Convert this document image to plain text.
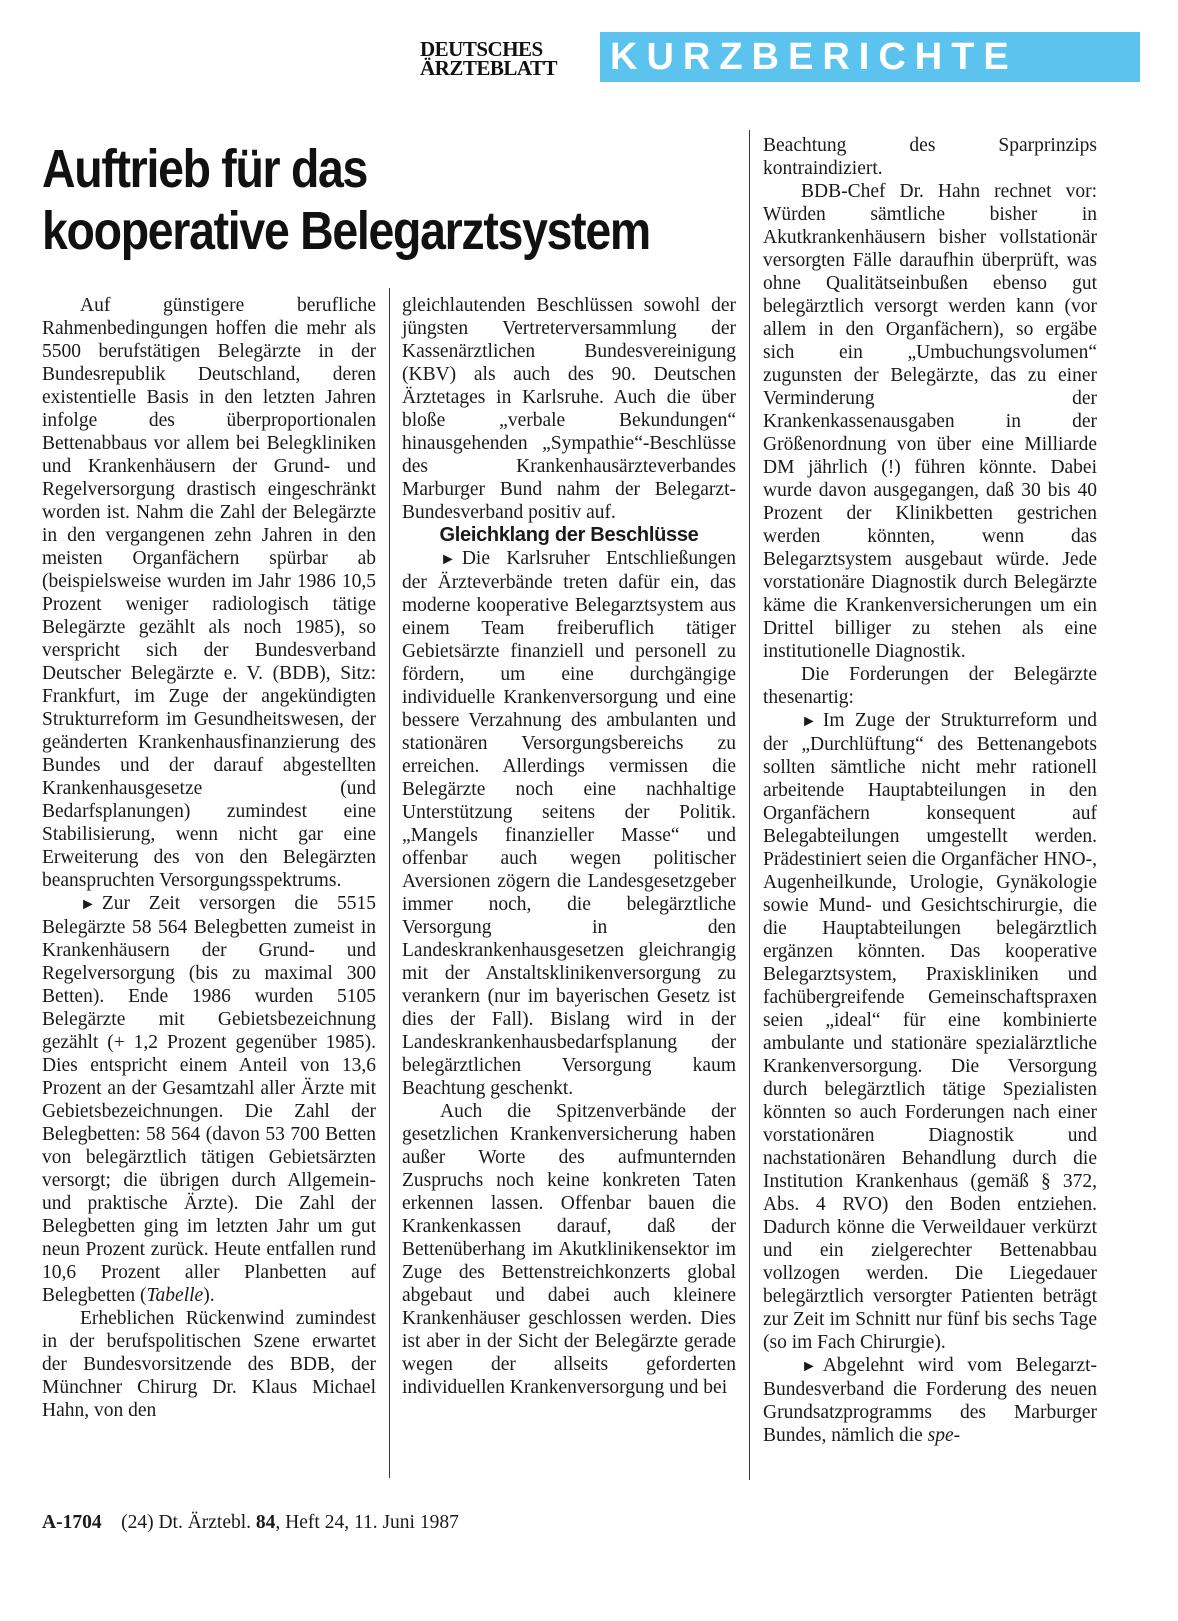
DEUTSCHES
ÄRZTEBLATT	KURZBERICHTE
Auftrieb für das
kooperative Belegarztsystem

Auf günstigere berufliche Rahmenbedingungen hoffen die mehr als 5500 berufstätigen Belegärzte in der Bundesrepublik Deutschland, deren existentielle Basis in den letzten Jahren infolge des überproportionalen Bettenabbaus vor allem bei Belegkliniken und Krankenhäusern der Grund- und Regelversorgung drastisch eingeschränkt worden ist. Nahm die Zahl der Belegärzte in den vergangenen zehn Jahren in den meisten Organfächern spürbar ab (beispielsweise wurden im Jahr 1986 10,5 Prozent weniger radiologisch tätige Belegärzte gezählt als noch 1985), so verspricht sich der Bundesverband Deutscher Belegärzte e. V. (BDB), Sitz: Frankfurt, im Zuge der angekündigten Strukturreform im Gesundheitswesen, der geänderten Krankenhausfinanzierung des Bundes und der darauf abgestellten Krankenhausgesetze (und Bedarfsplanungen) zumindest eine Stabilisierung, wenn nicht gar eine Erweiterung des von den Belegärzten beanspruchten Versorgungsspektrums.

► Zur Zeit versorgen die 5515 Belegärzte 58 564 Belegbetten zumeist in Krankenhäusern der Grund- und Regelversorgung (bis zu maximal 300 Betten). Ende 1986 wurden 5105 Belegärzte mit Gebietsbezeichnung gezählt (+ 1,2 Prozent gegenüber 1985). Dies entspricht einem Anteil von 13,6 Prozent an der Gesamtzahl aller Ärzte mit Gebietsbezeichnungen. Die Zahl der Belegbetten: 58 564 (davon 53 700 Betten von belegärztlich tätigen Gebietsärzten versorgt; die übrigen durch Allgemein- und praktische Ärzte). Die Zahl der Belegbetten ging im letzten Jahr um gut neun Prozent zurück. Heute entfallen rund 10,6 Prozent aller Planbetten auf Belegbetten (Tabelle).

Erheblichen Rückenwind zumindest in der berufspolitischen Szene erwartet der Bundesvorsitzende des BDB, der Münchner Chirurg Dr. Klaus Michael Hahn, von den

gleichlautenden Beschlüssen sowohl der jüngsten Vertreterversammlung der Kassenärztlichen Bundesvereinigung (KBV) als auch des 90. Deutschen Ärztetages in Karlsruhe. Auch die über bloße „verbale Bekundungen“ hinausgehenden „Sympathie“-Beschlüsse des Krankenhausärzteverbandes Marburger Bund nahm der Belegarzt-Bundesverband positiv auf.

Gleichklang der Beschlüsse

► Die Karlsruher Entschließungen der Ärzteverbände treten dafür ein, das moderne kooperative Belegarztsystem aus einem Team freiberuflich tätiger Gebietsärzte finanziell und personell zu fördern, um eine durchgängige individuelle Krankenversorgung und eine bessere Verzahnung des ambulanten und stationären Versorgungsbereichs zu erreichen. Allerdings vermissen die Belegärzte noch eine nachhaltige Unterstützung seitens der Politik. „Mangels finanzieller Masse“ und offenbar auch wegen politischer Aversionen zögern die Landesgesetzgeber immer noch, die belegärztliche Versorgung in den Landeskrankenhausgesetzen gleichrangig mit der Anstaltsklinikenversorgung zu verankern (nur im bayerischen Gesetz ist dies der Fall). Bislang wird in der Landeskrankenhausbedarfsplanung der belegärztlichen Versorgung kaum Beachtung geschenkt.

Auch die Spitzenverbände der gesetzlichen Krankenversicherung haben außer Worte des aufmunternden Zuspruchs noch keine konkreten Taten erkennen lassen. Offenbar bauen die Krankenkassen darauf, daß der Bettenüberhang im Akutklinikensektor im Zuge des Bettenstreichkonzerts global abgebaut und dabei auch kleinere Krankenhäuser geschlossen werden. Dies ist aber in der Sicht der Belegärzte gerade wegen der allseits geforderten individuellen Krankenversorgung und bei

Beachtung des Sparprinzips kontraindiziert.

BDB-Chef Dr. Hahn rechnet vor: Würden sämtliche bisher in Akutkrankenhäusern bisher vollstationär versorgten Fälle daraufhin überprüft, was ohne Qualitätseinbußen ebenso gut belegärztlich versorgt werden kann (vor allem in den Organfächern), so ergäbe sich ein „Umbuchungsvolumen“ zugunsten der Belegärzte, das zu einer Verminderung der Krankenkassenausgaben in der Größenordnung von über eine Milliarde DM jährlich (!) führen könnte. Dabei wurde davon ausgegangen, daß 30 bis 40 Prozent der Klinikbetten gestrichen werden könnten, wenn das Belegarztsystem ausgebaut würde. Jede vorstationäre Diagnostik durch Belegärzte käme die Krankenversicherungen um ein Drittel billiger zu stehen als eine institutionelle Diagnostik.

Die Forderungen der Belegärzte thesenartig:

► Im Zuge der Strukturreform und der „Durchlüftung“ des Bettenangebots sollten sämtliche nicht mehr rationell arbeitende Hauptabteilungen in den Organfächern konsequent auf Belegabteilungen umgestellt werden. Prädestiniert seien die Organfächer HNO-, Augenheilkunde, Urologie, Gynäkologie sowie Mund- und Gesichtschirurgie, die die Hauptabteilungen belegärztlich ergänzen könnten. Das kooperative Belegarztsystem, Praxiskliniken und fachübergreifende Gemeinschaftspraxen seien „ideal“ für eine kombinierte ambulante und stationäre spezialärztliche Krankenversorgung. Die Versorgung durch belegärztlich tätige Spezialisten könnten so auch Forderungen nach einer vorstationären Diagnostik und nachstationären Behandlung durch die Institution Krankenhaus (gemäß § 372, Abs. 4 RVO) den Boden entziehen. Dadurch könne die Verweildauer verkürzt und ein zielgerechter Bettenabbau vollzogen werden. Die Liegedauer belegärztlich versorgter Patienten beträgt zur Zeit im Schnitt nur fünf bis sechs Tage (so im Fach Chirurgie).

► Abgelehnt wird vom Belegarzt-Bundesverband die Forderung des neuen Grundsatzprogramms des Marburger Bundes, nämlich die spe-

A-1704 (24) Dt. Ärztebl. 84, Heft 24, 11. Juni 1987
